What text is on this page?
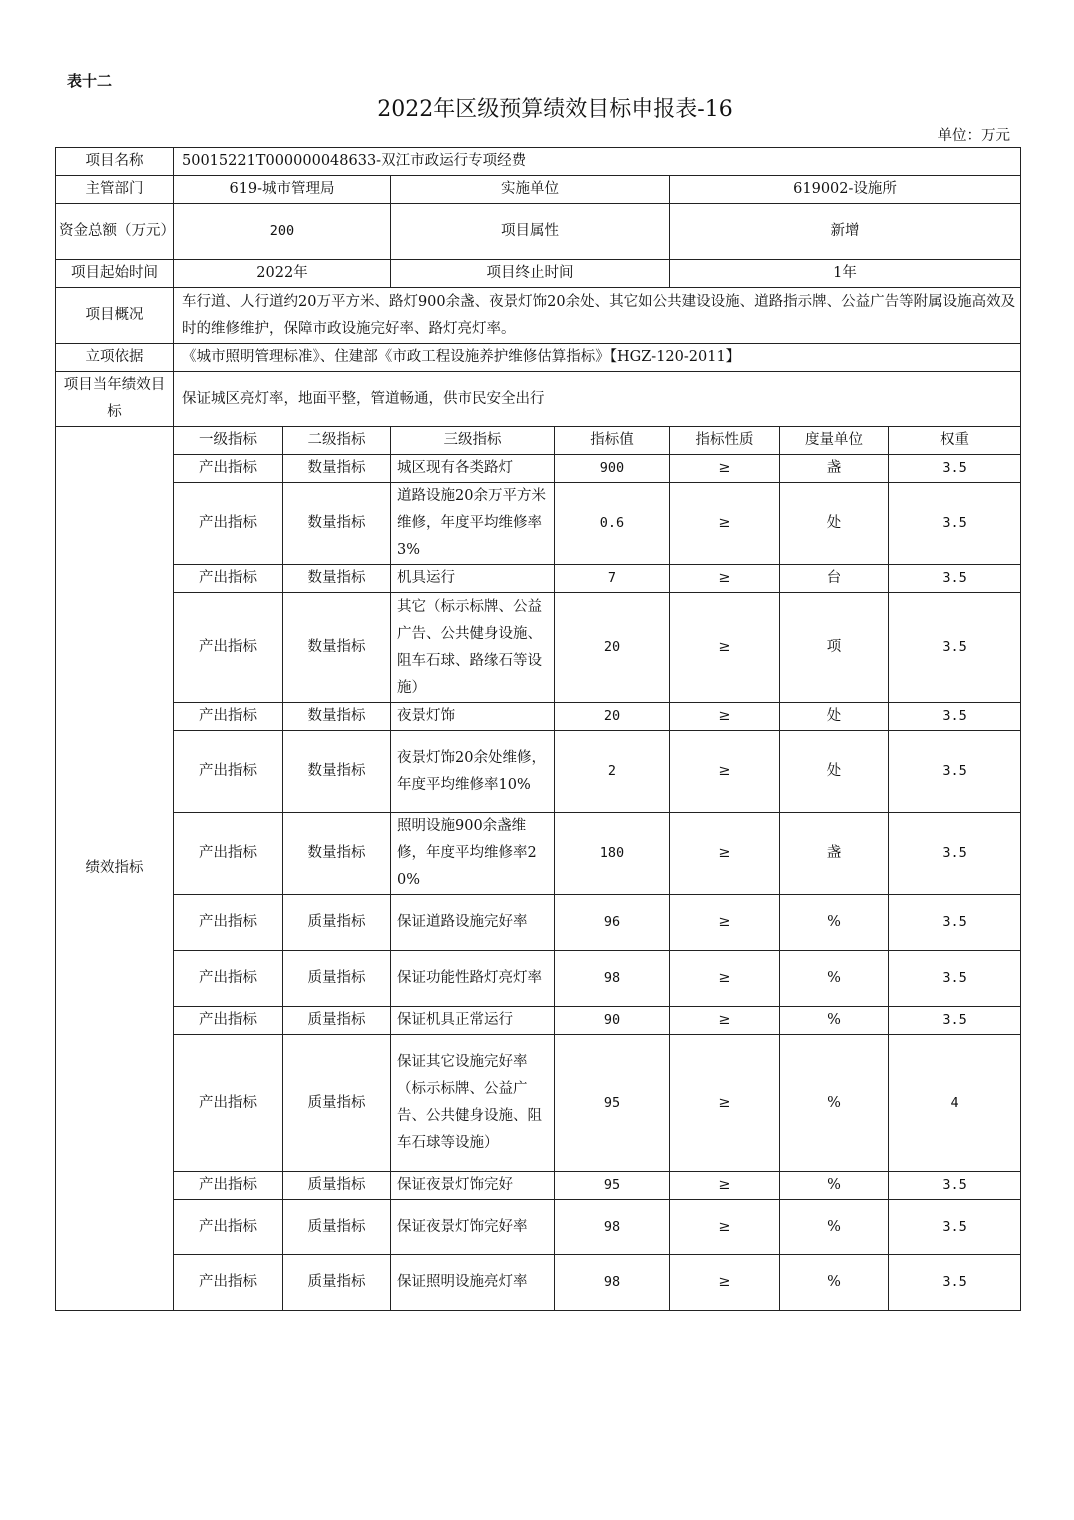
表十二
2022年区级预算绩效目标申报表-16
单位：万元
项目名称	50015221T000000048633-双江市政运行专项经费						
主管部门	619-城市管理局		实施单位		619002-设施所		
资金总额（万元）	200		项目属性		新增		
项目起始时间	2022年		项目终止时间		1年		
项目概况	车行道、人行道约20万平方米、路灯900余盏、夜景灯饰20余处、其它如公共建设设施、道路指示牌、公益广告等附属设施高效及时的维修维护，保障市政设施完好率、路灯亮灯率。						
立项依据	《城市照明管理标准》、住建部《市政工程设施养护维修估算指标》【HGZ-120-2011】						
项目当年绩效目标	保证城区亮灯率，地面平整，管道畅通，供市民安全出行						
绩效指标	一级指标	二级指标	三级指标	指标值	指标性质	度量单位	权重
	产出指标	数量指标	城区现有各类路灯	900	≥	盏	3.5
	产出指标	数量指标	道路设施20余万平方米维修，年度平均维修率3%	0.6	≥	处	3.5
	产出指标	数量指标	机具运行	7	≥	台	3.5
	产出指标	数量指标	其它（标示标牌、公益广告、公共健身设施、阻车石球、路缘石等设施）	20	≥	项	3.5
	产出指标	数量指标	夜景灯饰	20	≥	处	3.5
	产出指标	数量指标	夜景灯饰20余处维修，年度平均维修率10%	2	≥	处	3.5
	产出指标	数量指标	照明设施900余盏维修，年度平均维修率20%	180	≥	盏	3.5
	产出指标	质量指标	保证道路设施完好率	96	≥	%	3.5
	产出指标	质量指标	保证功能性路灯亮灯率	98	≥	%	3.5
	产出指标	质量指标	保证机具正常运行	90	≥	%	3.5
	产出指标	质量指标	保证其它设施完好率（标示标牌、公益广告、公共健身设施、阻车石球等设施）	95	≥	%	4
	产出指标	质量指标	保证夜景灯饰完好	95	≥	%	3.5
	产出指标	质量指标	保证夜景灯饰完好率	98	≥	%	3.5
	产出指标	质量指标	保证照明设施亮灯率	98	≥	%	3.5
